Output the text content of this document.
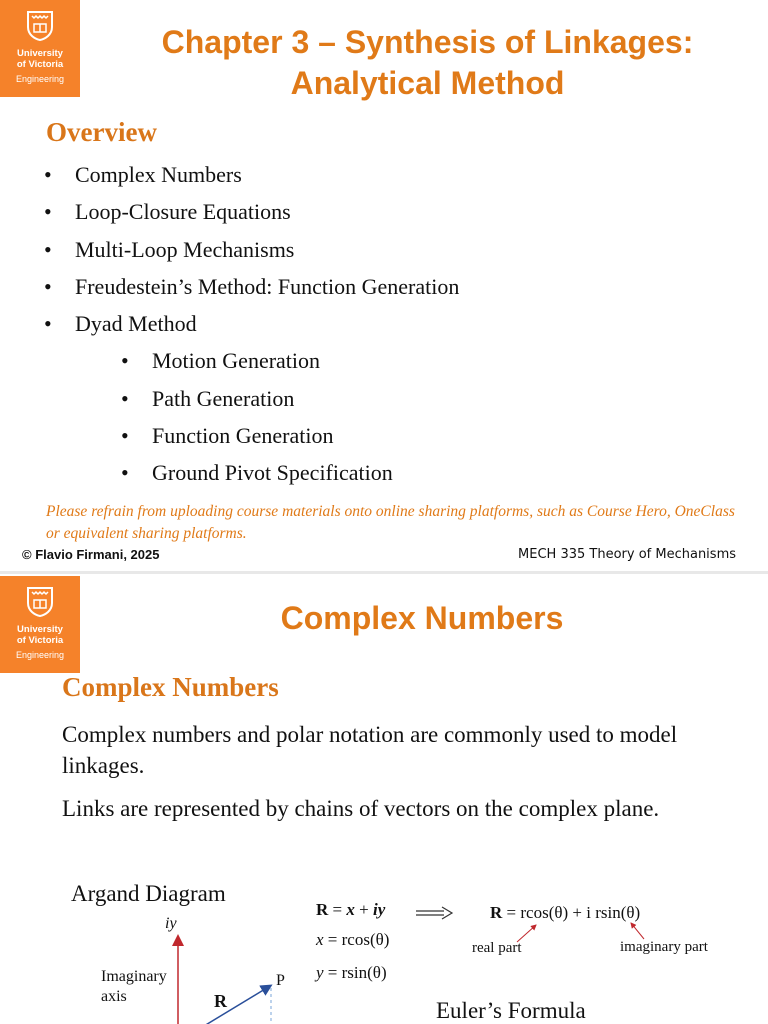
University
of Victoria
Engineering
Chapter 3 – Synthesis of Linkages:
Analytical Method
Overview
• Complex Numbers
• Loop-Closure Equations
• Multi-Loop Mechanisms
• Freudestein’s Method: Function Generation
• Dyad Method
• Motion Generation
• Path Generation
• Function Generation
• Ground Pivot Specification
Please refrain from uploading course materials onto online sharing platforms, such as Course Hero, OneClass or equivalent sharing platforms.
© Flavio Firmani, 2025	MECH 335 Theory of Mechanisms
University
of Victoria
Engineering
Complex Numbers
Complex Numbers
Complex numbers and polar notation are commonly used to model linkages.
Links are represented by chains of vectors on the complex plane.
Argand Diagram
iy
Imaginary
axis	R
P
R = x + iy
x = rcos(θ)
y = rsin(θ)
R = rcos(θ) + i rsin(θ)
real part	imaginary part
Euler’s Formula
